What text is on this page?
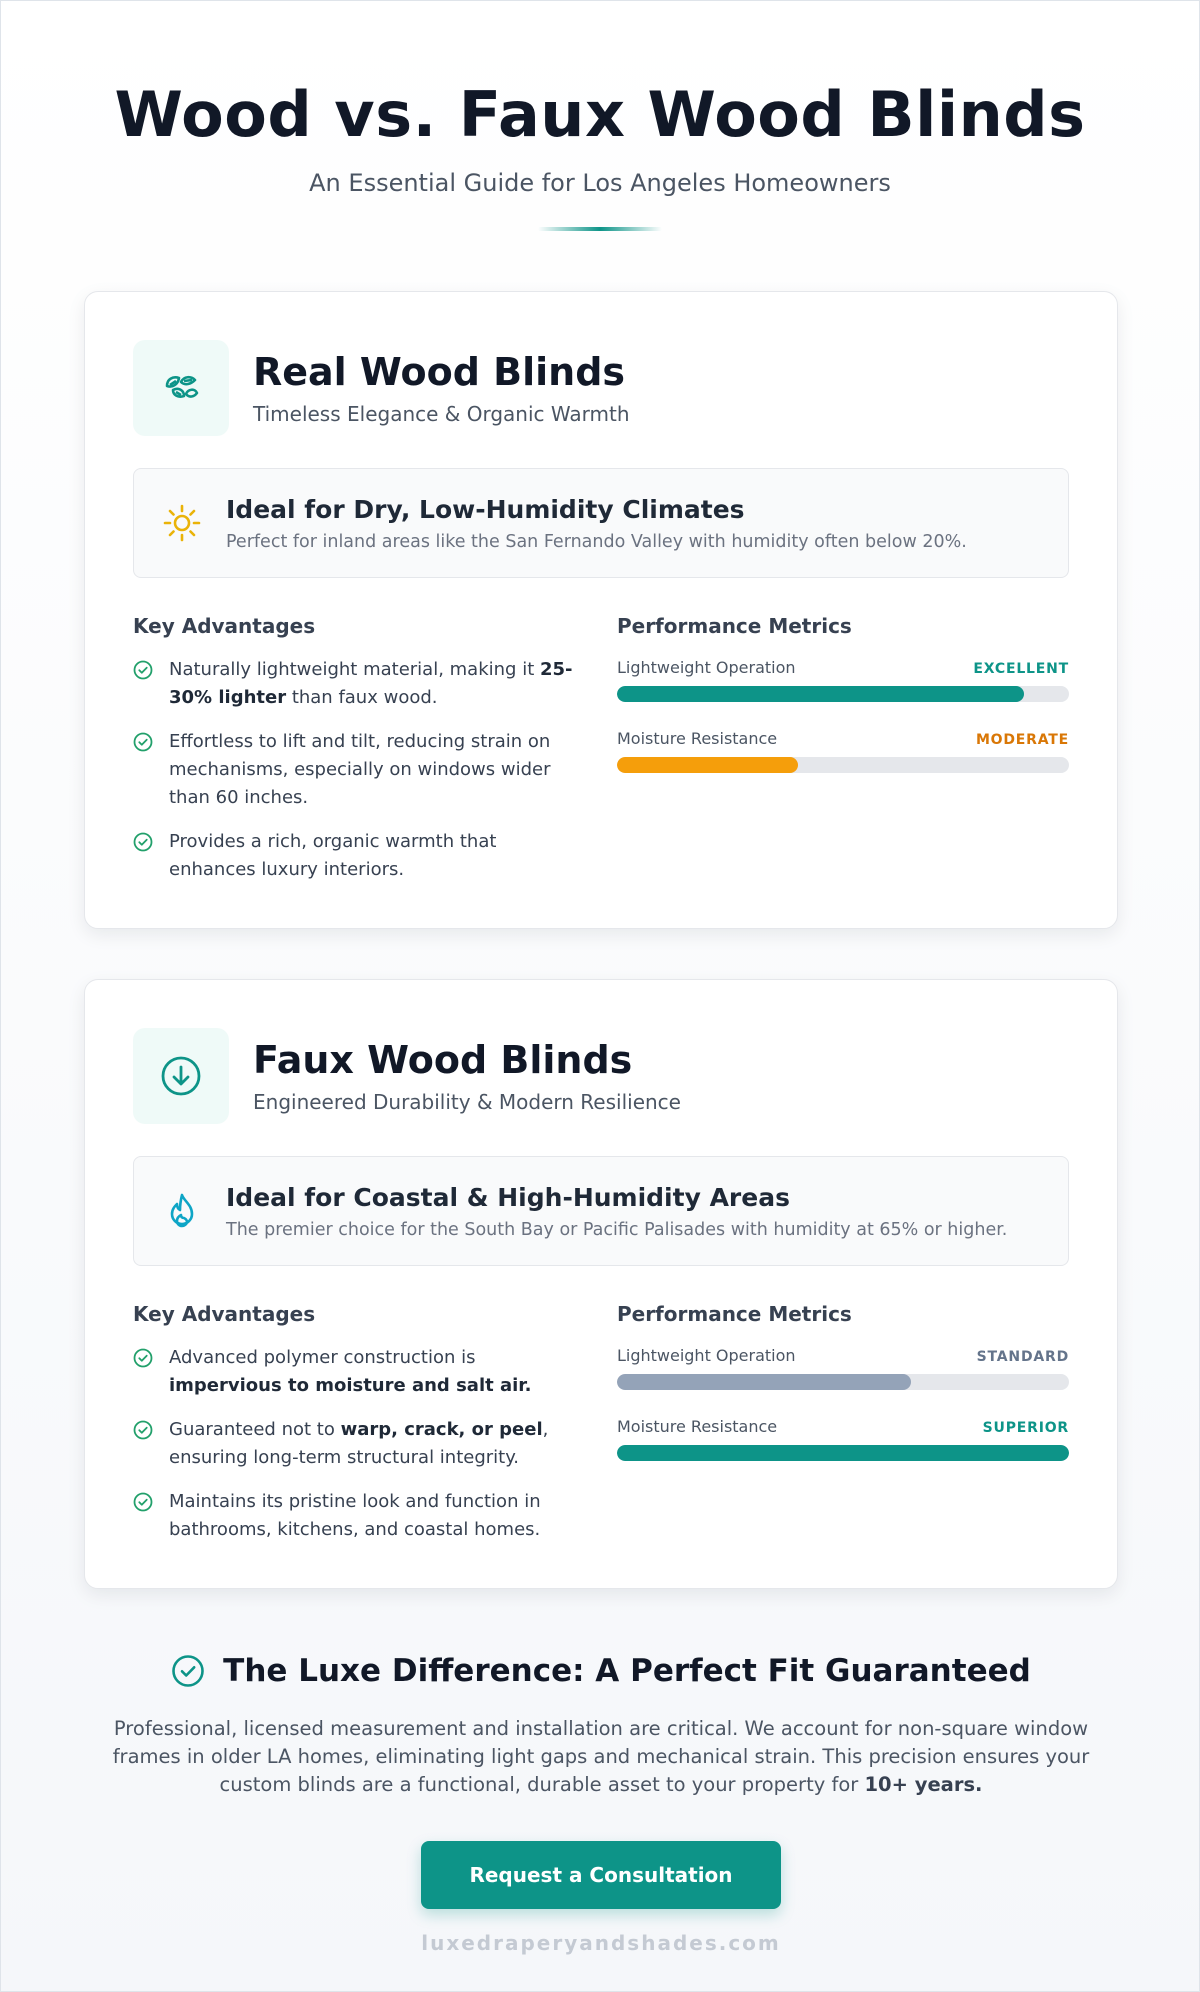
Wood vs. Faux Wood Blinds

An Essential Guide for Los Angeles Homeowners

Real Wood Blinds

Timeless Elegance & Organic Warmth

Ideal for Dry, Low-Humidity Climates
Perfect for inland areas like the San Fernando Valley with humidity often below 20%.
Key Advantages

Naturally lightweight material, making it 25-30% lighter than faux wood.

Effortless to lift and tilt, reducing strain on mechanisms, especially on windows wider than 60 inches.

Provides a rich, organic warmth that enhances luxury interiors.

Performance Metrics
Lightweight Operation	EXCELLENT
Moisture Resistance	MODERATE
Faux Wood Blinds

Engineered Durability & Modern Resilience

Ideal for Coastal & High-Humidity Areas
The premier choice for the South Bay or Pacific Palisades with humidity at 65% or higher.
Key Advantages

Advanced polymer construction is impervious to moisture and salt air.

Guaranteed not to warp, crack, or peel, ensuring long-term structural integrity.

Maintains its pristine look and function in bathrooms, kitchens, and coastal homes.

Performance Metrics
Lightweight Operation	STANDARD
Moisture Resistance	SUPERIOR
The Luxe Difference: A Perfect Fit Guaranteed

Professional, licensed measurement and installation are critical. We account for non-square window frames in older LA homes, eliminating light gaps and mechanical strain. This precision ensures your custom blinds are a functional, durable asset to your property for 10+ years.

Request a Consultation
luxedraperyandshades.com
